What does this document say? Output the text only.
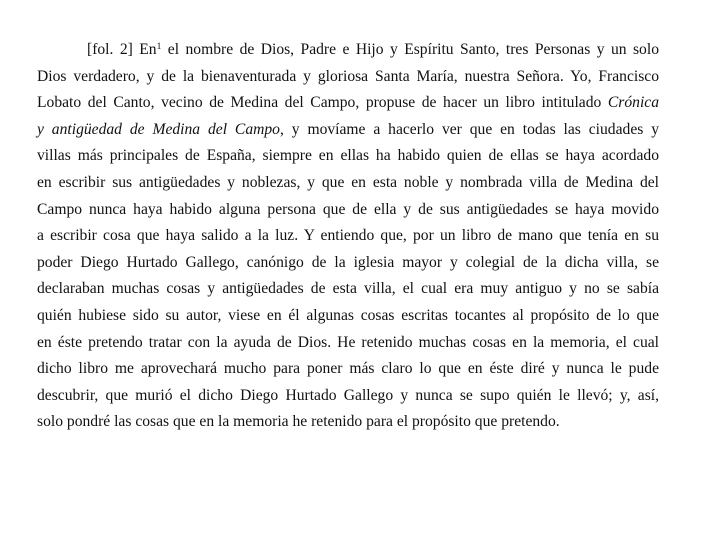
[fol. 2] En$^1$ el nombre de Dios, Padre e Hijo y Espíritu Santo, tres Personas y un solo
Dios verdadero, y de la bienaventurada y gloriosa Santa María, nuestra Señora. Yo, Francisco
Lobato del Canto, vecino de Medina del Campo, propuse de hacer un libro intitulado Crónica
y antigüedad de Medina del Campo, y movíame a hacerlo ver que en todas las ciudades y
villas más principales de España, siempre en ellas ha habido quien de ellas se haya acordado
en escribir sus antigüedades y noblezas, y que en esta noble y nombrada villa de Medina del
Campo nunca haya habido alguna persona que de ella y de sus antigüedades se haya movido
a escribir cosa que haya salido a la luz. Y entiendo que, por un libro de mano que tenía en su
poder Diego Hurtado Gallego, canónigo de la iglesia mayor y colegial de la dicha villa, se
declaraban muchas cosas y antigüedades de esta villa, el cual era muy antiguo y no se sabía
quién hubiese sido su autor, viese en él algunas cosas escritas tocantes al propósito de lo que
en éste pretendo tratar con la ayuda de Dios. He retenido muchas cosas en la memoria, el cual
dicho libro me aprovechará mucho para poner más claro lo que en éste diré y nunca le pude
descubrir, que murió el dicho Diego Hurtado Gallego y nunca se supo quién le llevó; y, así,
solo pondré las cosas que en la memoria he retenido para el propósito que pretendo.
